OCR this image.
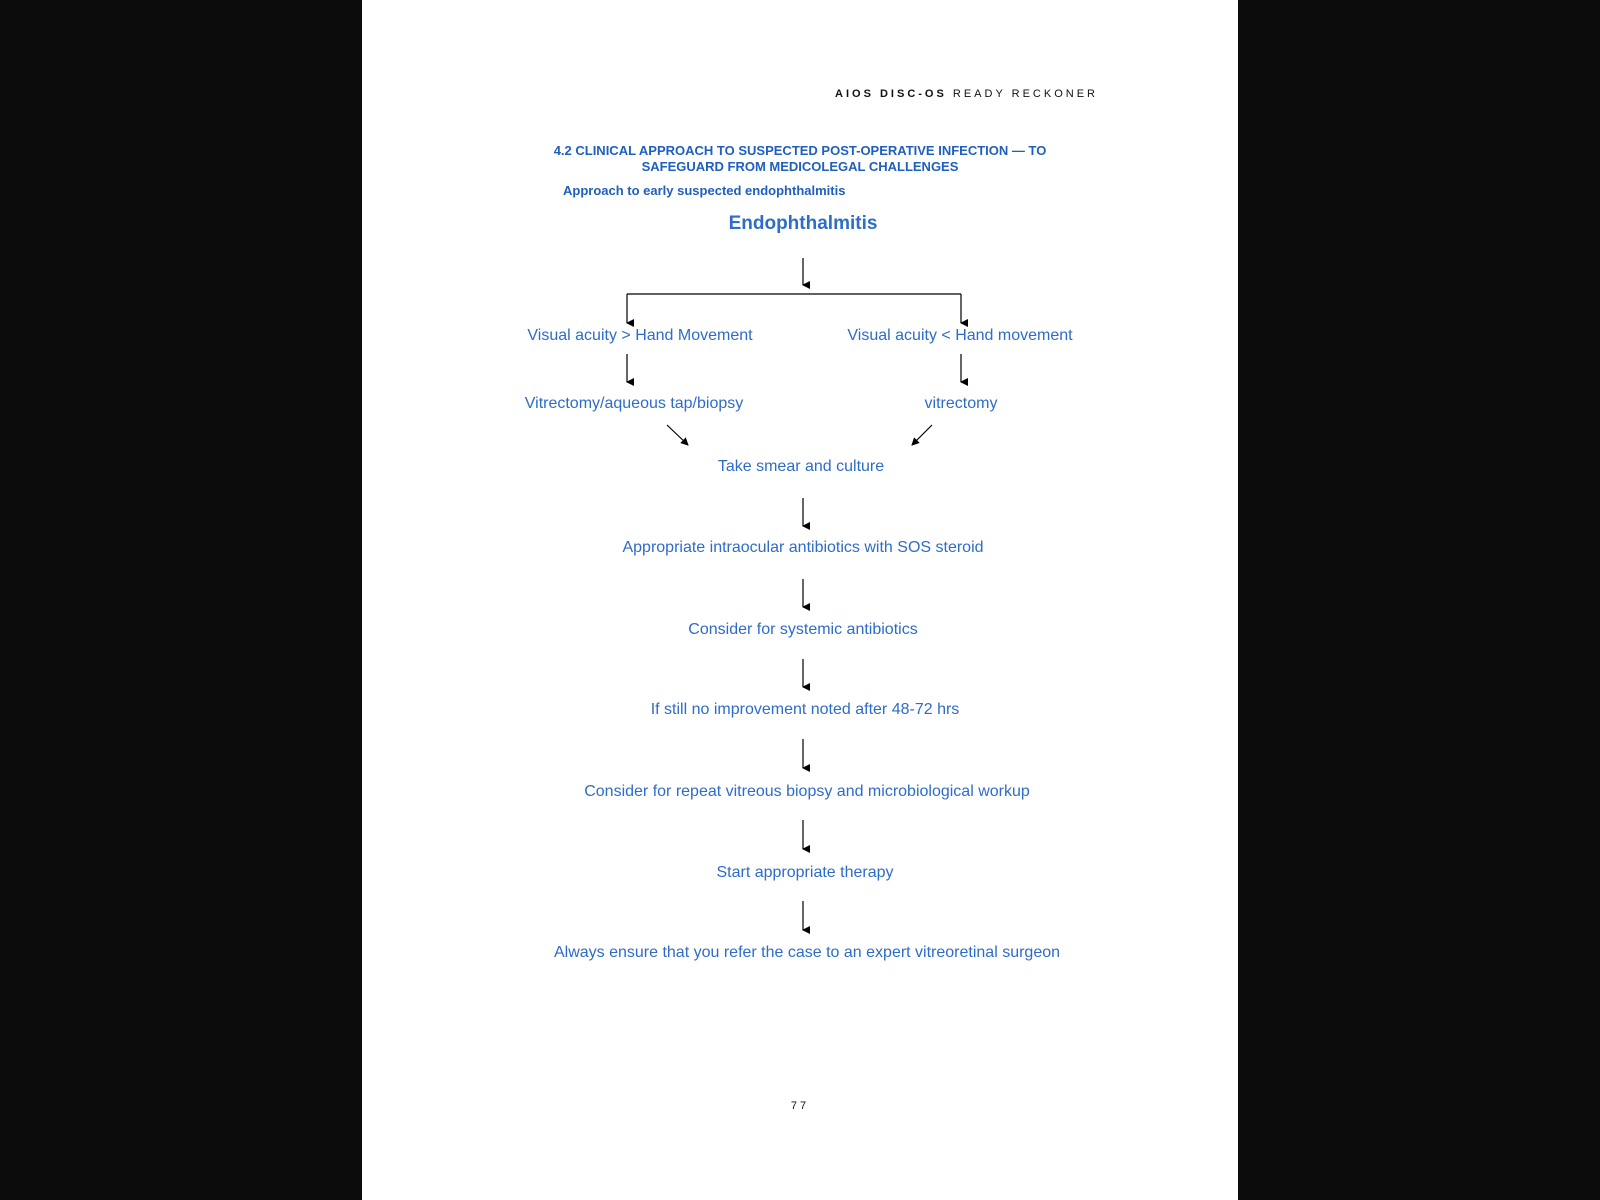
AIOS DISC-OS READY RECKONER
4.2 CLINICAL APPROACH TO SUSPECTED POST-OPERATIVE INFECTION — TO
SAFEGUARD FROM MEDICOLEGAL CHALLENGES
Approach to early suspected endophthalmitis
Endophthalmitis
Visual acuity > Hand Movement	Visual acuity < Hand movement
Vitrectomy/aqueous tap/biopsy	vitrectomy
Take smear and culture
Appropriate intraocular antibiotics with SOS steroid
Consider for systemic antibiotics
If still no improvement noted after 48-72 hrs
Consider for repeat vitreous biopsy and microbiological workup
Start appropriate therapy
Always ensure that you refer the case to an expert vitreoretinal surgeon
77
